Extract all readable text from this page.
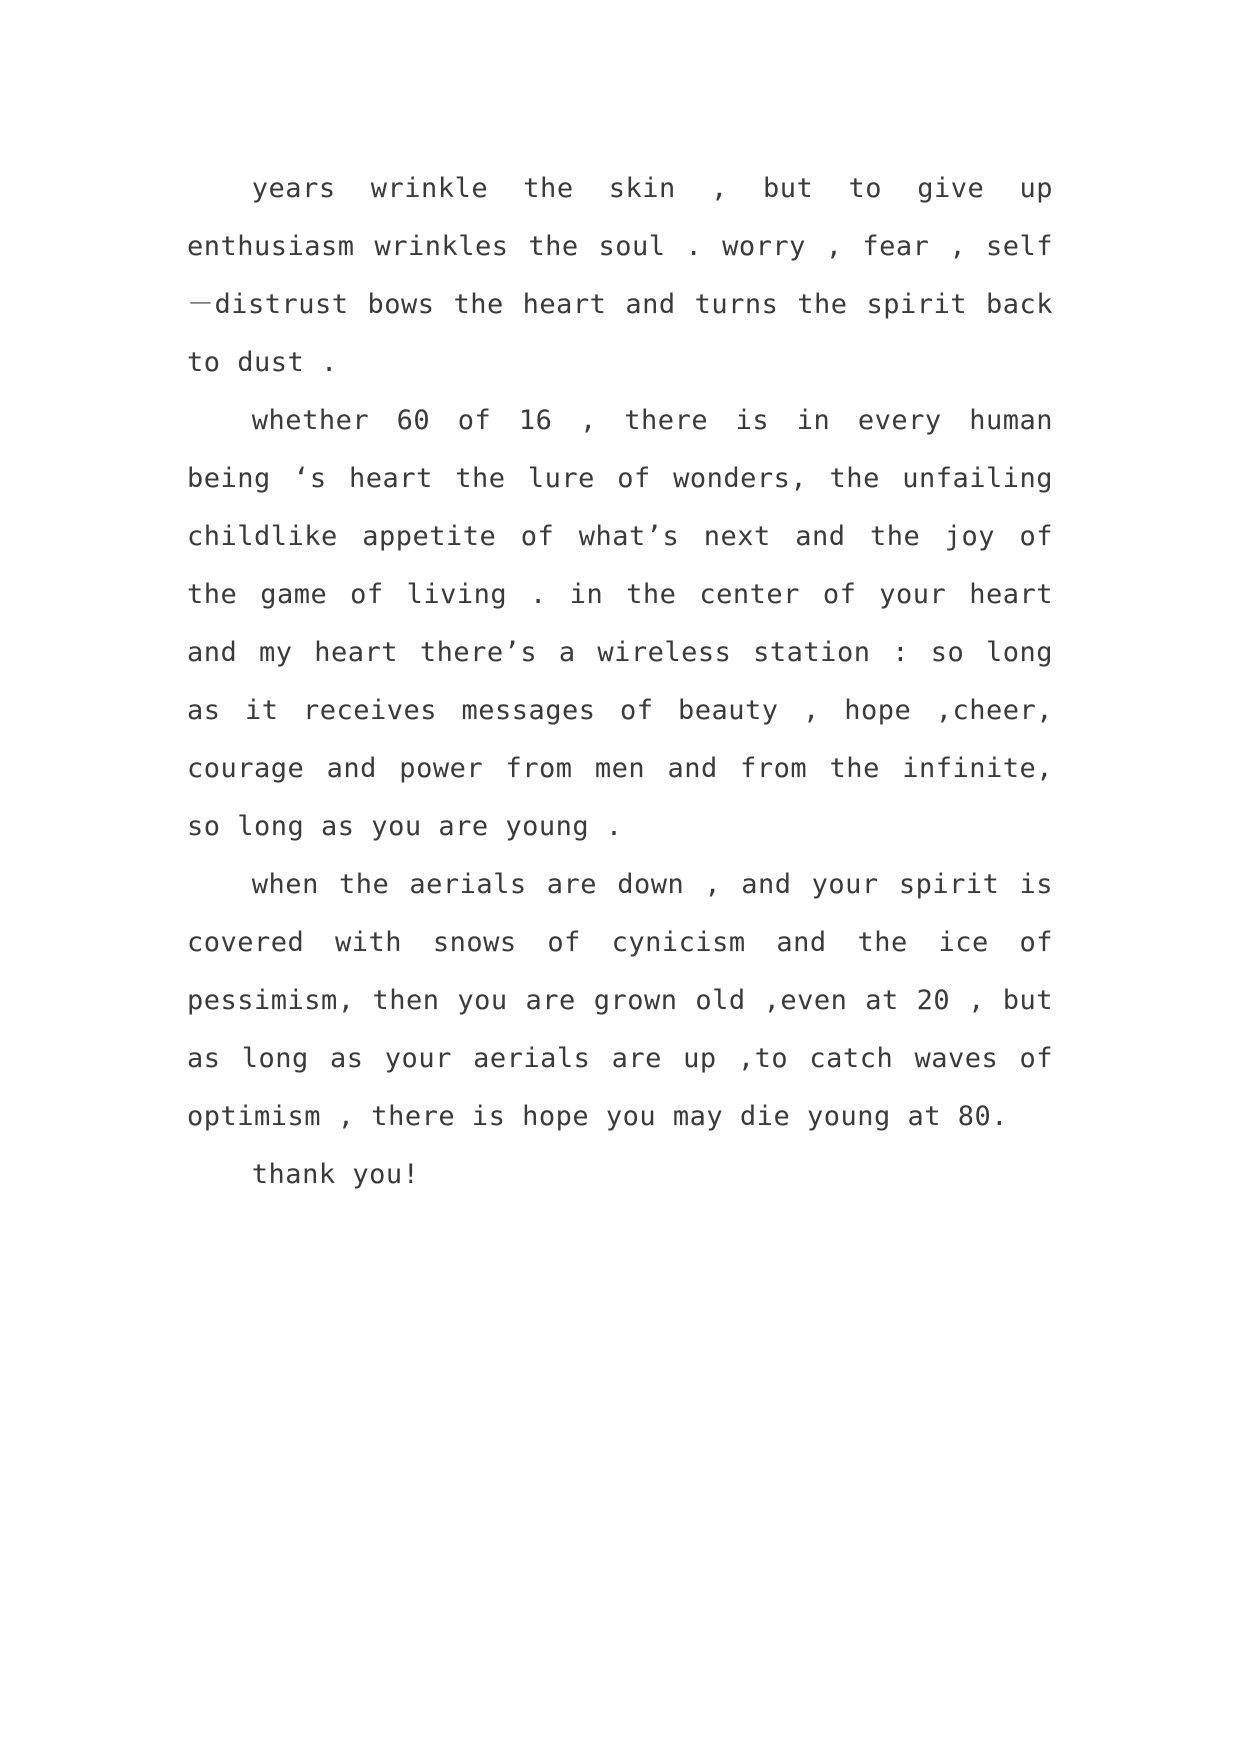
years wrinkle the skin , but to give up enthusiasm wrinkles the soul . worry , fear , self －distrust bows the heart and turns the spirit back to dust .

whether 60 of 16 , there is in every human being ‘s heart the lure of wonders, the unfailing childlike appetite of what’s next and the joy of the game of living . in the center of your heart and my heart there’s a wireless station : so long as it receives messages of beauty , hope ,cheer, courage and power from men and from the infinite, so long as you are young .

when the aerials are down , and your spirit is covered with snows of cynicism and the ice of pessimism, then you are grown old ,even at 20 , but as long as your aerials are up ,to catch waves of optimism , there is hope you may die young at 80.

thank you!
